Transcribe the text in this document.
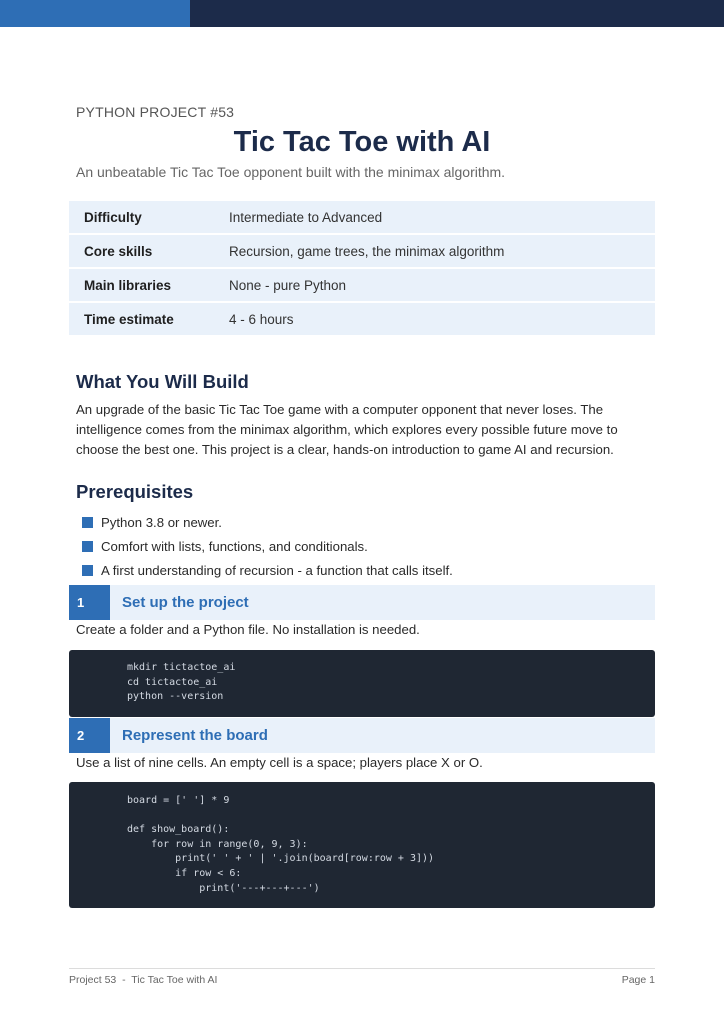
PYTHON PROJECT #53
Tic Tac Toe with AI
An unbeatable Tic Tac Toe opponent built with the minimax algorithm.
Difficulty	Intermediate to Advanced
Core skills	Recursion, game trees, the minimax algorithm
Main libraries	None - pure Python
Time estimate	4 - 6 hours
What You Will Build

An upgrade of the basic Tic Tac Toe game with a computer opponent that never loses. The intelligence comes from the minimax algorithm, which explores every possible future move to choose the best one. This project is a clear, hands-on introduction to game AI and recursion.

Prerequisites
Python 3.8 or newer.
Comfort with lists, functions, and conditionals.
A first understanding of recursion - a function that calls itself.
1	Set up the project
Create a folder and a Python file. No installation is needed.
mkdir tictactoe_ai
cd tictactoe_ai
python --version
2	Represent the board
Use a list of nine cells. An empty cell is a space; players place X or O.
board = [' '] * 9

def show_board():
for row in range(0, 9, 3):
print(' ' + ' | '.join(board[row:row + 3]))
if row < 6:
print('---+---+---')
Project 53  -  Tic Tac Toe with AI	Page 1
